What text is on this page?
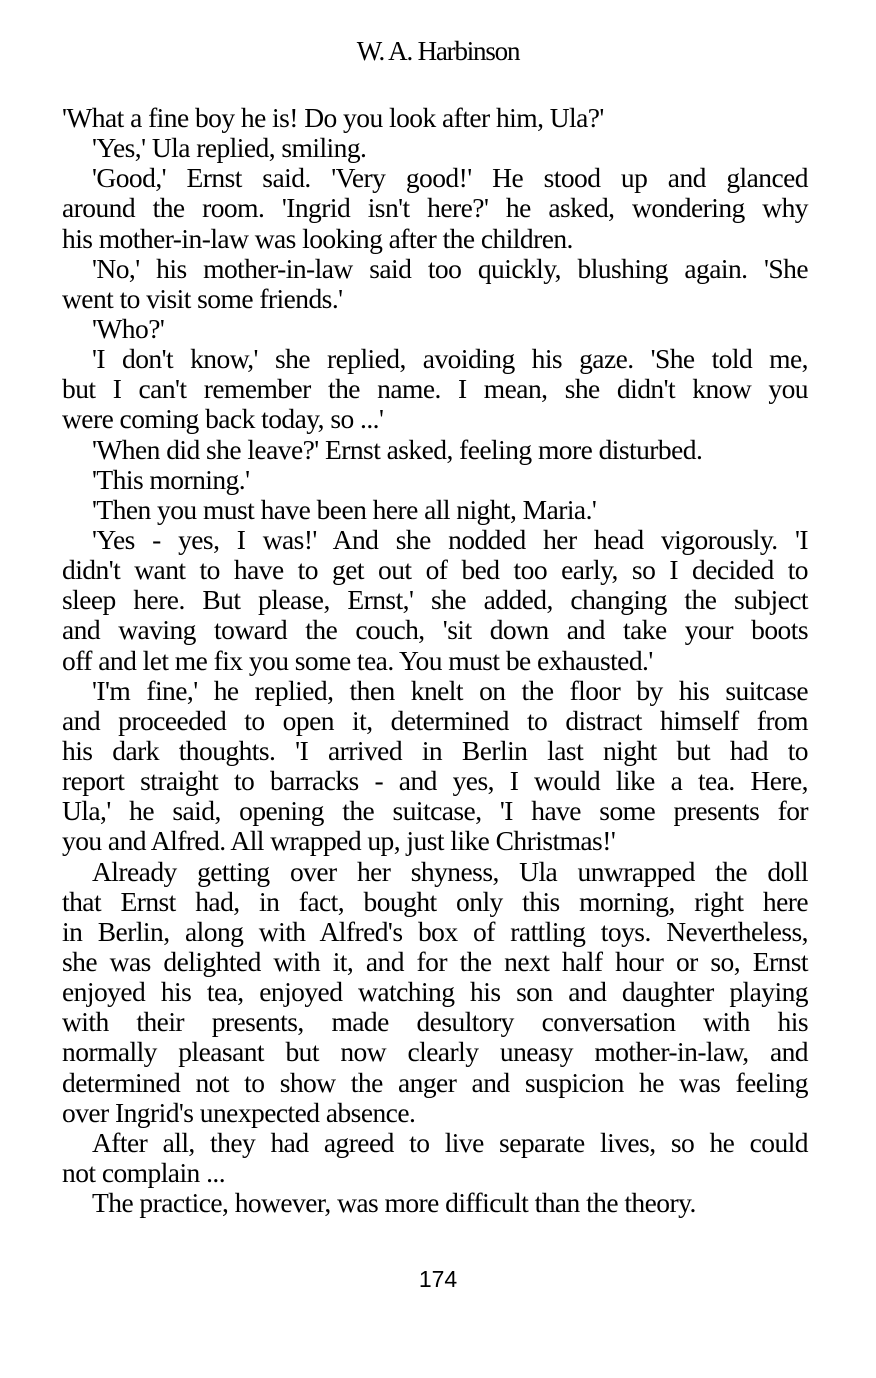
W. A. Harbinson
'What a fine boy he is! Do you look after him, Ula?'
'Yes,' Ula replied, smiling.
'Good,' Ernst said. 'Very good!' He stood up and glanced
around the room. 'Ingrid isn't here?' he asked, wondering why
his mother-in-law was looking after the children.
'No,' his mother-in-law said too quickly, blushing again. 'She
went to visit some friends.'
'Who?'
'I don't know,' she replied, avoiding his gaze. 'She told me,
but I can't remember the name. I mean, she didn't know you
were coming back today, so ...'
'When did she leave?' Ernst asked, feeling more disturbed.
'This morning.'
'Then you must have been here all night, Maria.'
'Yes - yes, I was!' And she nodded her head vigorously. 'I
didn't want to have to get out of bed too early, so I decided to
sleep here. But please, Ernst,' she added, changing the subject
and waving toward the couch, 'sit down and take your boots
off and let me fix you some tea. You must be exhausted.'
'I'm fine,' he replied, then knelt on the floor by his suitcase
and proceeded to open it, determined to distract himself from
his dark thoughts. 'I arrived in Berlin last night but had to
report straight to barracks - and yes, I would like a tea. Here,
Ula,' he said, opening the suitcase, 'I have some presents for
you and Alfred. All wrapped up, just like Christmas!'
Already getting over her shyness, Ula unwrapped the doll
that Ernst had, in fact, bought only this morning, right here
in Berlin, along with Alfred's box of rattling toys. Nevertheless,
she was delighted with it, and for the next half hour or so, Ernst
enjoyed his tea, enjoyed watching his son and daughter playing
with their presents, made desultory conversation with his
normally pleasant but now clearly uneasy mother-in-law, and
determined not to show the anger and suspicion he was feeling
over Ingrid's unexpected absence.
After all, they had agreed to live separate lives, so he could
not complain ...
The practice, however, was more difficult than the theory.
174
